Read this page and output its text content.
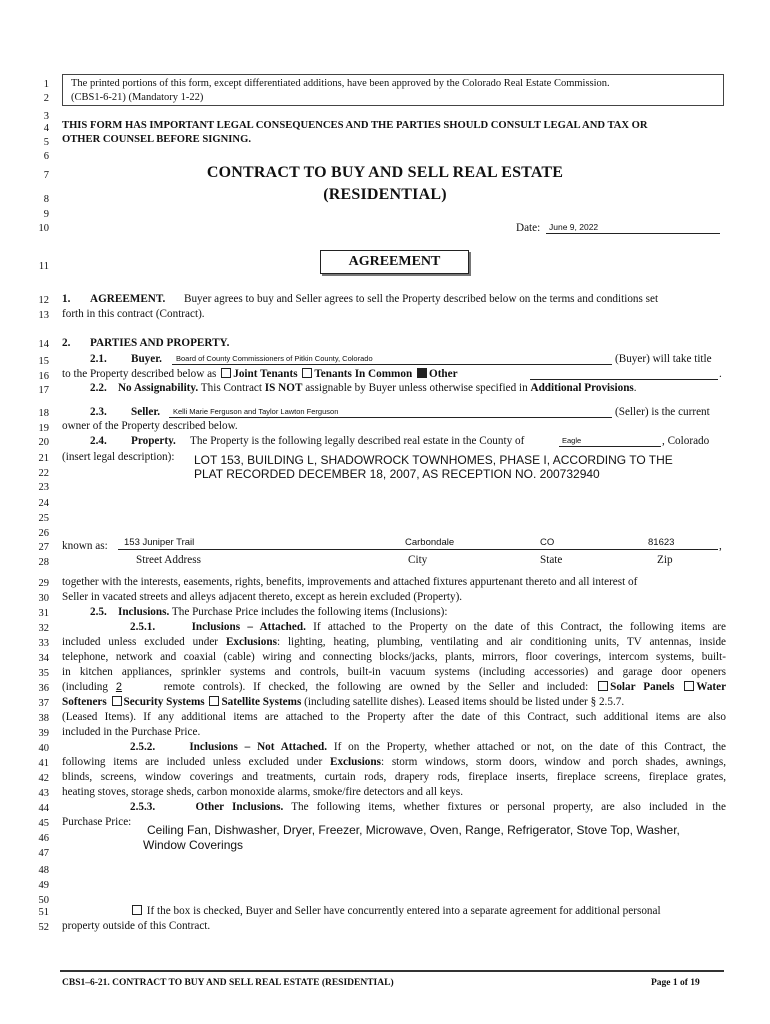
1
2
3
4
5
6
7
8
9
10
11
12
13
14
15
16
17
18
19
20
21
22
23
24
25
26
27
28
29
30
31
32
33
34
35
36
37
38
39
40
41
42
43
44
45
46
47
48
49
50
51
52
The printed portions of this form, except differentiated additions, have been approved by the Colorado Real Estate Commission.
(CBS1-6-21) (Mandatory 1-22)
THIS FORM HAS IMPORTANT LEGAL CONSEQUENCES AND THE PARTIES SHOULD CONSULT LEGAL AND TAX OR
OTHER COUNSEL BEFORE SIGNING.
CONTRACT TO BUY AND SELL REAL ESTATE
(RESIDENTIAL)
Date: June 9, 2022
AGREEMENT
1. AGREEMENT. Buyer agrees to buy and Seller agrees to sell the Property described below on the terms and conditions set
forth in this contract (Contract).
2. PARTIES AND PROPERTY.
2.1. Buyer. Board of County Commissioners of Pitkin County, Colorado	(Buyer) will take title
to the Property described below as Joint Tenants Tenants In Common Other	.
2.2. No Assignability. This Contract IS NOT assignable by Buyer unless otherwise specified in Additional Provisions.
2.3. Seller. Kelli Marie Ferguson and Taylor Lawton Ferguson	(Seller) is the current
owner of the Property described below.
2.4. Property. The Property is the following legally described real estate in the County of	Eagle	, Colorado
(insert legal description): LOT 153, BUILDING L, SHADOWROCK TOWNHOMES, PHASE I, ACCORDING TO THE
PLAT RECORDED DECEMBER 18, 2007, AS RECEPTION NO. 200732940
known as: 153 Juniper Trail	Carbondale	CO	81623	,
Street Address	City	State	Zip
together with the interests, easements, rights, benefits, improvements and attached fixtures appurtenant thereto and all interest of
Seller in vacated streets and alleys adjacent thereto, except as herein excluded (Property).
2.5. Inclusions. The Purchase Price includes the following items (Inclusions):
2.5.1.	Inclusions – Attached. If attached to the Property on the date of this Contract, the following items are
included unless excluded under Exclusions: lighting, heating, plumbing, ventilating and air conditioning units, TV antennas, inside
telephone, network and coaxial (cable) wiring and connecting blocks/jacks, plants, mirrors, floor coverings, intercom systems, built-
in kitchen appliances, sprinkler systems and controls, built-in vacuum systems (including accessories) and garage door openers
(including 2	remote controls). If checked, the following are owned by the Seller and included: Solar Panels Water
Softeners Security Systems Satellite Systems (including satellite dishes). Leased items should be listed under § 2.5.7.
(Leased Items). If any additional items are attached to the Property after the date of this Contract, such additional items are also
included in the Purchase Price.
2.5.2.	Inclusions – Not Attached. If on the Property, whether attached or not, on the date of this Contract, the
following items are included unless excluded under Exclusions: storm windows, storm doors, window and porch shades, awnings,
blinds, screens, window coverings and treatments, curtain rods, drapery rods, fireplace inserts, fireplace screens, fireplace grates,
heating stoves, storage sheds, carbon monoxide alarms, smoke/fire detectors and all keys.
2.5.3.	Other Inclusions. The following items, whether fixtures or personal property, are also included in the
Purchase Price:
Ceiling Fan, Dishwasher, Dryer, Freezer, Microwave, Oven, Range, Refrigerator, Stove Top, Washer,
Window Coverings
If the box is checked, Buyer and Seller have concurrently entered into a separate agreement for additional personal
property outside of this Contract.
CBS1–6-21. CONTRACT TO BUY AND SELL REAL ESTATE (RESIDENTIAL)	Page 1 of 19
